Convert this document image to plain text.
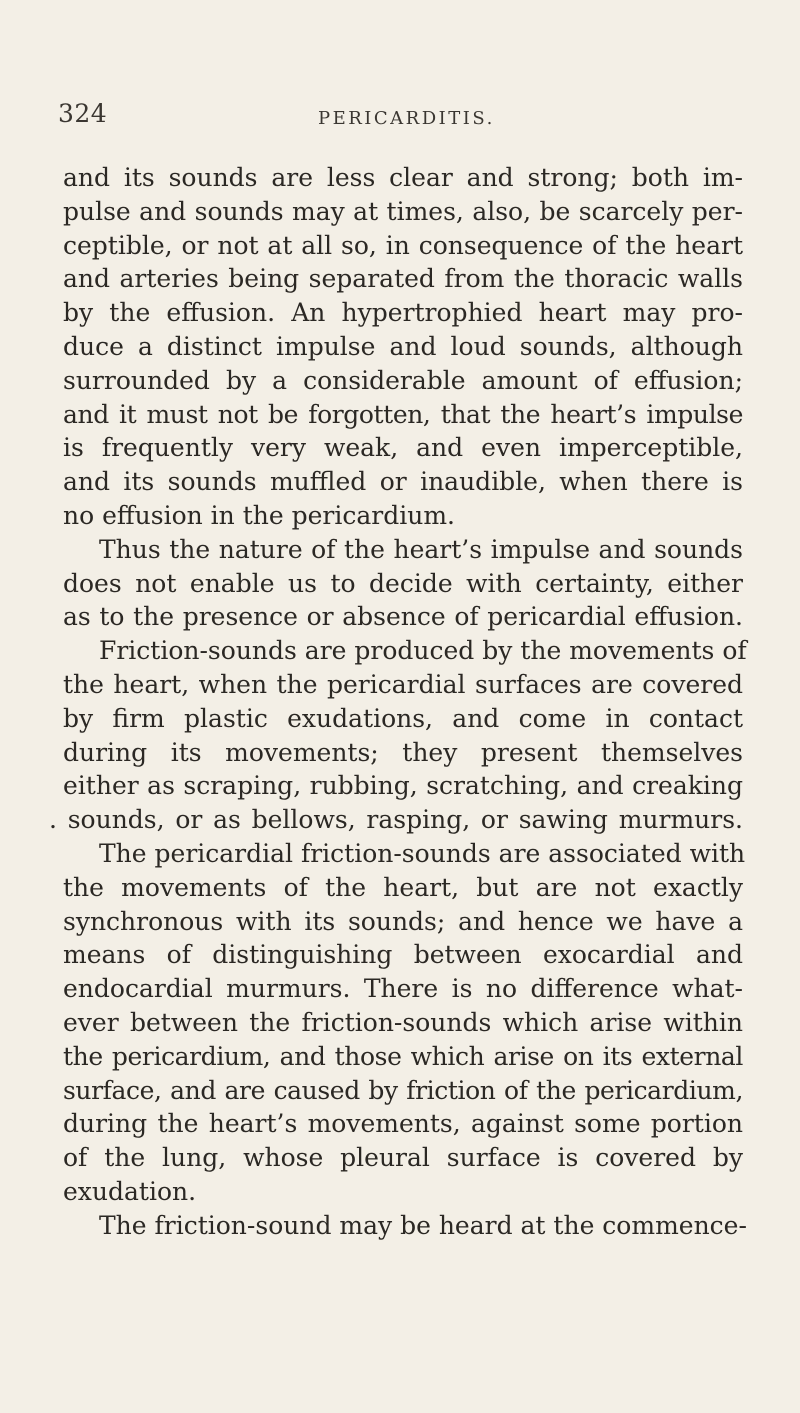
324	PERICARDITIS.
and its sounds are less clear and strong; both im-
pulse and sounds may at times, also, be scarcely per-
ceptible, or not at all so, in consequence of the heart
and arteries being separated from the thoracic walls
by the effusion. An hypertrophied heart may pro-
duce a distinct impulse and loud sounds, although
surrounded by a considerable amount of effusion;
and it must not be forgotten, that the heart’s impulse
is frequently very weak, and even imperceptible,
and its sounds muffled or inaudible, when there is
no effusion in the pericardium.
Thus the nature of the heart’s impulse and sounds
does not enable us to decide with certainty, either
as to the presence or absence of pericardial effusion.
Friction-sounds are produced by the movements of
the heart, when the pericardial surfaces are covered
by firm plastic exudations, and come in contact
during its movements; they present themselves
either as scraping, rubbing, scratching, and creaking
. sounds, or as bellows, rasping, or sawing murmurs.
The pericardial friction-sounds are associated with
the movements of the heart, but are not exactly
synchronous with its sounds; and hence we have a
means of distinguishing between exocardial and
endocardial murmurs. There is no difference what-
ever between the friction-sounds which arise within
the pericardium, and those which arise on its external
surface, and are caused by friction of the pericardium,
during the heart’s movements, against some portion
of the lung, whose pleural surface is covered by
exudation.
The friction-sound may be heard at the commence-
